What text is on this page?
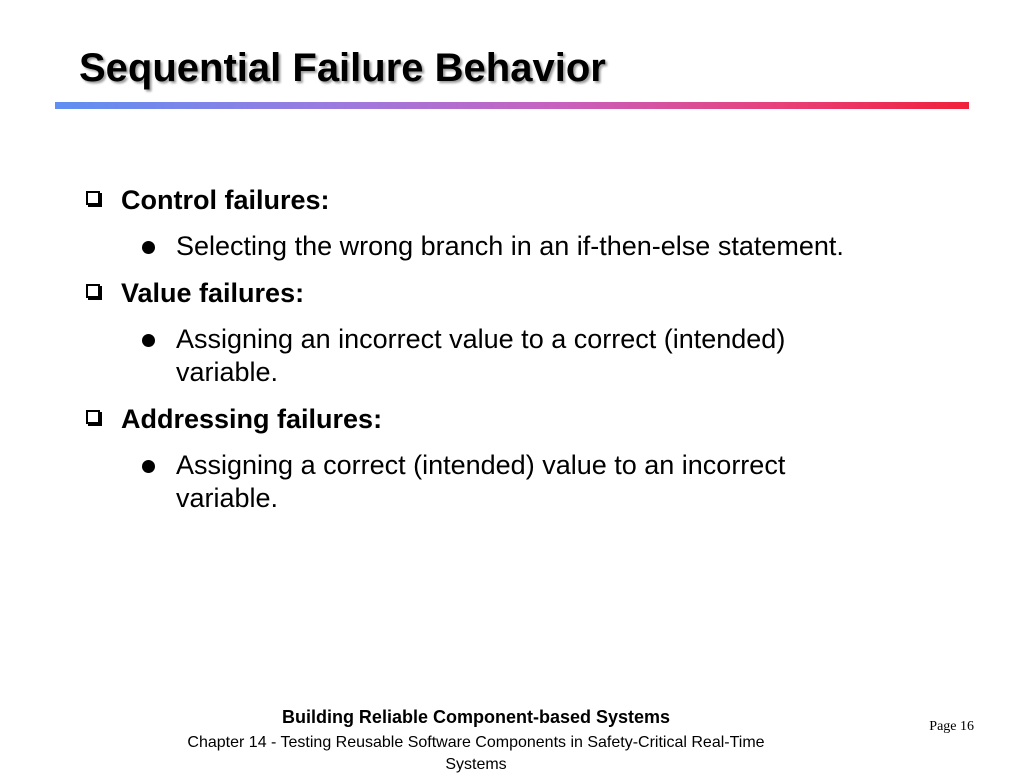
Sequential Failure Behavior
Control failures:
Selecting the wrong branch in an if-then-else statement.
Value failures:
Assigning an incorrect value to a correct (intended) variable.
Addressing failures:
Assigning a correct (intended) value to an incorrect variable.
Building Reliable Component-based Systems
Chapter 14 - Testing Reusable Software Components in Safety-Critical Real-Time Systems
Page 16
